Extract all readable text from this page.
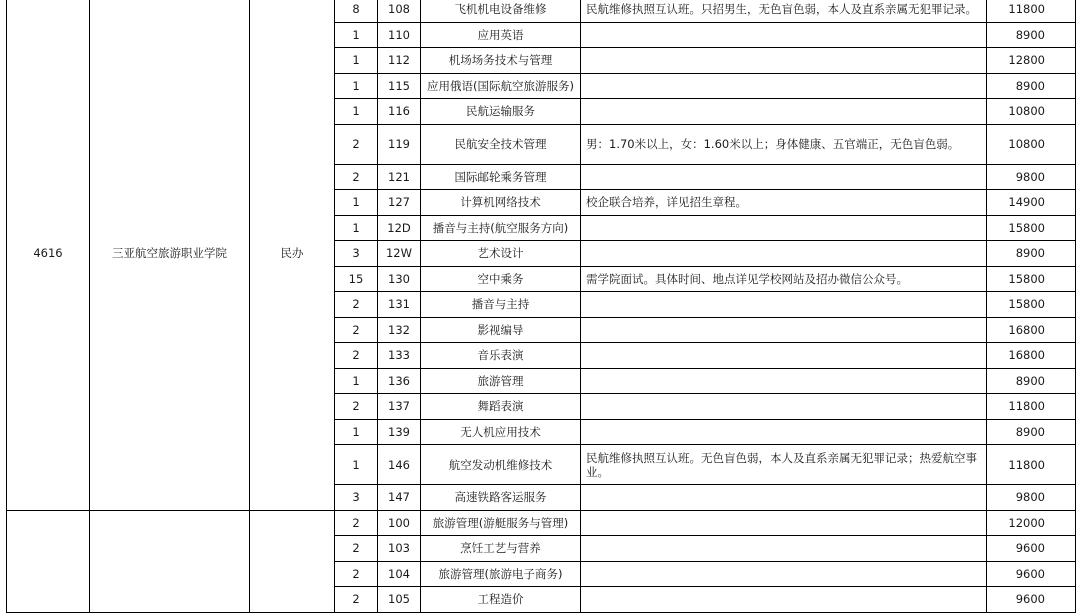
4616	三亚航空旅游职业学院	民办	8	108	飞机机电设备维修	民航维修执照互认班。只招男生，无色盲色弱，本人及直系亲属无犯罪记录。	11800
			1	110	应用英语		8900
			1	112	机场场务技术与管理		12800
			1	115	应用俄语(国际航空旅游服务)		8900
			1	116	民航运输服务		10800
			2	119	民航安全技术管理	男：1.70米以上，女：1.60米以上；身体健康、五官端正，无色盲色弱。	10800
			2	121	国际邮轮乘务管理		9800
			1	127	计算机网络技术	校企联合培养，详见招生章程。	14900
			1	12D	播音与主持(航空服务方向)		15800
			3	12W	艺术设计		8900
			15	130	空中乘务	需学院面试。具体时间、地点详见学校网站及招办微信公众号。	15800
			2	131	播音与主持		15800
			2	132	影视编导		16800
			2	133	音乐表演		16800
			1	136	旅游管理		8900
			2	137	舞蹈表演		11800
			1	139	无人机应用技术		8900
			1	146	航空发动机维修技术	民航维修执照互认班。无色盲色弱，本人及直系亲属无犯罪记录；热爱航空事业。	11800
			3	147	高速铁路客运服务		9800
			2	100	旅游管理(游艇服务与管理)		12000
			2	103	烹饪工艺与营养		9600
			2	104	旅游管理(旅游电子商务)		9600
			2	105	工程造价		9600
